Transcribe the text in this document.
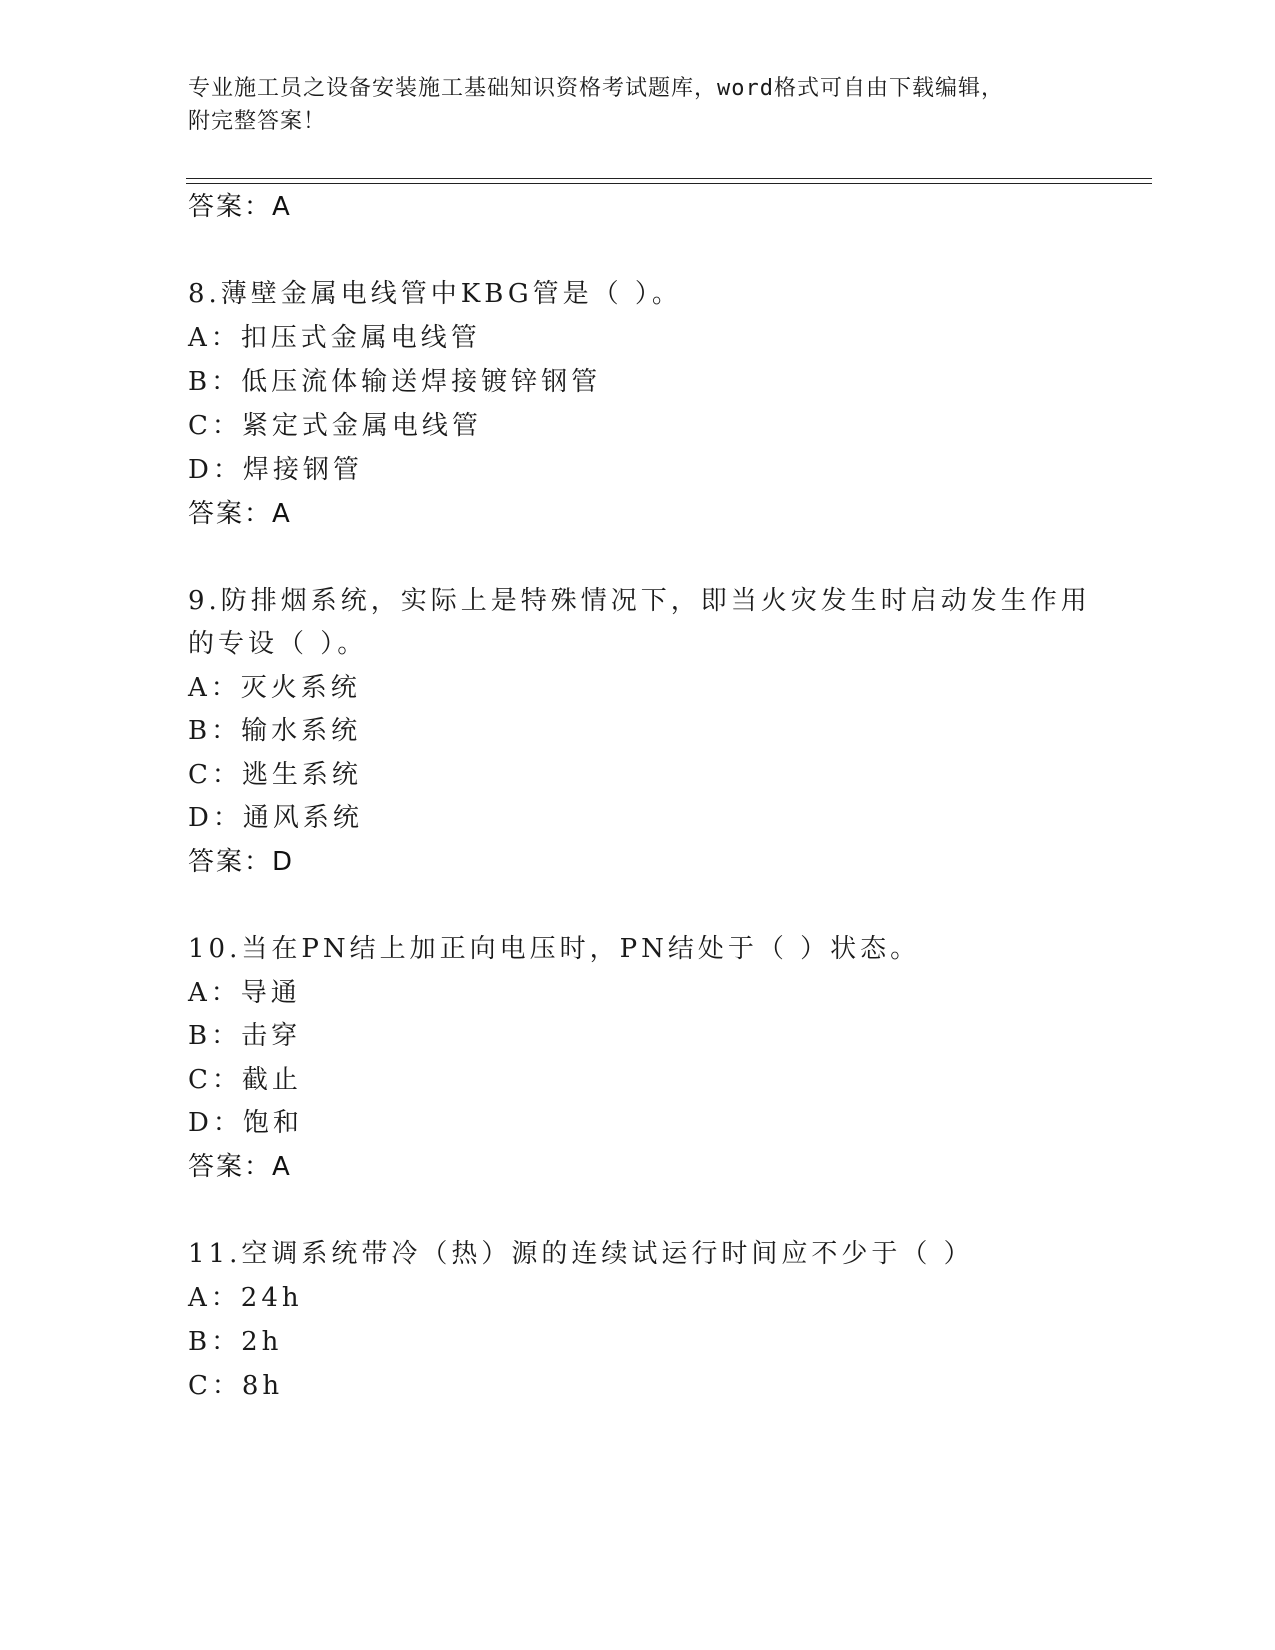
专业施工员之设备安装施工基础知识资格考试题库，word格式可自由下载编辑，
附完整答案！
答案：A
8.薄壁金属电线管中KBG管是（ ）。
A：扣压式金属电线管
B：低压流体输送焊接镀锌钢管
C：紧定式金属电线管
D：焊接钢管
答案：A
9.防排烟系统，实际上是特殊情况下，即当火灾发生时启动发生作用
的专设（ ）。
A：灭火系统
B：输水系统
C：逃生系统
D：通风系统
答案：D
10.当在PN结上加正向电压时，PN结处于（ ）状态。
A：导通
B：击穿
C：截止
D：饱和
答案：A
11.空调系统带冷（热）源的连续试运行时间应不少于（ ）
A：24h
B：2h
C：8h
